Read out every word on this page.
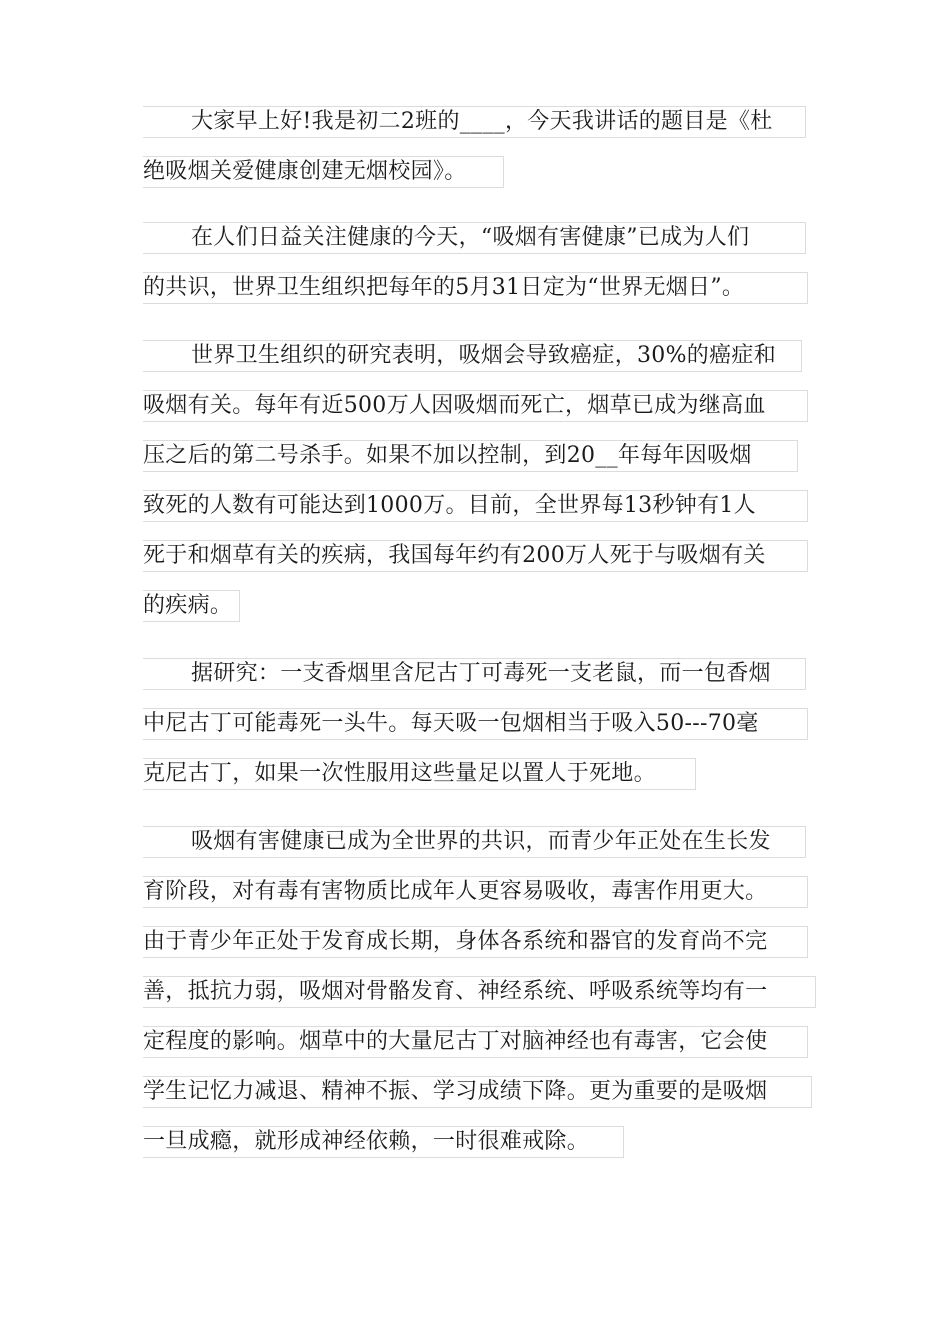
大家早上好!我是初二2班的____，今天我讲话的题目是《杜
绝吸烟关爱健康创建无烟校园》。
在人们日益关注健康的今天，“吸烟有害健康”已成为人们
的共识，世界卫生组织把每年的5月31日定为“世界无烟日”。
世界卫生组织的研究表明，吸烟会导致癌症，30%的癌症和
吸烟有关。每年有近500万人因吸烟而死亡，烟草已成为继高血
压之后的第二号杀手。如果不加以控制，到20__年每年因吸烟
致死的人数有可能达到1000万。目前，全世界每13秒钟有1人
死于和烟草有关的疾病，我国每年约有200万人死于与吸烟有关
的疾病。
据研究：一支香烟里含尼古丁可毒死一支老鼠，而一包香烟
中尼古丁可能毒死一头牛。每天吸一包烟相当于吸入50---70毫
克尼古丁，如果一次性服用这些量足以置人于死地。
吸烟有害健康已成为全世界的共识，而青少年正处在生长发
育阶段，对有毒有害物质比成年人更容易吸收，毒害作用更大。
由于青少年正处于发育成长期，身体各系统和器官的发育尚不完
善，抵抗力弱，吸烟对骨骼发育、神经系统、呼吸系统等均有一
定程度的影响。烟草中的大量尼古丁对脑神经也有毒害，它会使
学生记忆力减退、精神不振、学习成绩下降。更为重要的是吸烟
一旦成瘾，就形成神经依赖，一时很难戒除。
